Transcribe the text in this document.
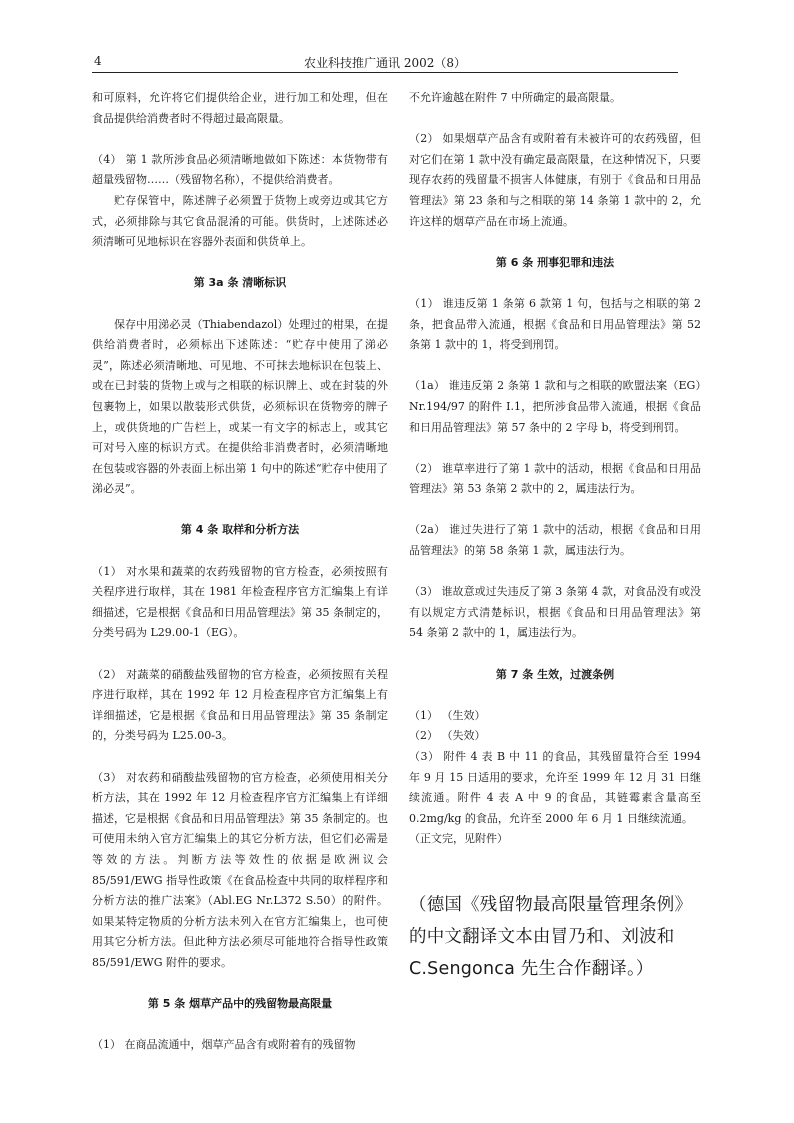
4	农业科技推广通讯 2002（8）

和可原料，允许将它们提供给企业，进行加工和处理，但在食品提供给消费者时不得超过最高限量。

（4） 第 1 款所涉食品必须清晰地做如下陈述：本货物带有超量残留物……（残留物名称），不提供给消费者。

贮存保管中，陈述牌子必须置于货物上或旁边或其它方式，必须排除与其它食品混淆的可能。供货时，上述陈述必须清晰可见地标识在容器外表面和供货单上。

第 3a 条 清晰标识

保存中用涕必灵（Thiabendazol）处理过的柑果，在提供给消费者时，必须标出下述陈述：“贮存中使用了涕必灵”，陈述必须清晰地、可见地、不可抹去地标识在包装上、或在已封装的货物上或与之相联的标识牌上、或在封装的外包裹物上，如果以散装形式供货，必须标识在货物旁的牌子上，或供货地的广告栏上，或某一有文字的标志上，或其它可对号入座的标识方式。在提供给非消费者时，必须清晰地在包装或容器的外表面上标出第 1 句中的陈述“贮存中使用了涕必灵”。

第 4 条 取样和分析方法

（1） 对水果和蔬菜的农药残留物的官方检查，必须按照有关程序进行取样，其在 1981 年检查程序官方汇编集上有详细描述，它是根据《食品和日用品管理法》第 35 条制定的，分类号码为 L29.00-1（EG）。

（2） 对蔬菜的硝酸盐残留物的官方检查，必须按照有关程序进行取样，其在 1992 年 12 月检查程序官方汇编集上有详细描述，它是根据《食品和日用品管理法》第 35 条制定的，分类号码为 L25.00-3。

（3） 对农药和硝酸盐残留物的官方检查，必须使用相关分析方法，其在 1992 年 12 月检查程序官方汇编集上有详细描述，它是根据《食品和日用品管理法》第 35 条制定的。也可使用未纳入官方汇编集上的其它分析方法，但它们必需是等效的方法。判断方法等效性的依据是欧洲议会 85/591/EWG 指导性政策《在食品检查中共同的取样程序和分析方法的推广法案》（Abl.EG Nr.L372 S.50）的附件。如果某特定物质的分析方法未列入在官方汇编集上，也可使用其它分析方法。但此种方法必须尽可能地符合指导性政策 85/591/EWG 附件的要求。

第 5 条 烟草产品中的残留物最高限量

（1） 在商品流通中，烟草产品含有或附着有的残留物

不允许逾越在附件 7 中所确定的最高限量。

（2） 如果烟草产品含有或附着有未被许可的农药残留，但对它们在第 1 款中没有确定最高限量，在这种情况下，只要现存农药的残留量不损害人体健康，有别于《食品和日用品管理法》第 23 条和与之相联的第 14 条第 1 款中的 2，允许这样的烟草产品在市场上流通。

第 6 条 刑事犯罪和违法

（1） 谁违反第 1 条第 6 款第 1 句，包括与之相联的第 2 条，把食品带入流通，根据《食品和日用品管理法》第 52 条第 1 款中的 1，将受到刑罚。

（1a） 谁违反第 2 条第 1 款和与之相联的欧盟法案（EG）Nr.194/97 的附件 I.1，把所涉食品带入流通，根据《食品和日用品管理法》第 57 条中的 2 字母 b，将受到刑罚。

（2） 谁草率进行了第 1 款中的活动，根据《食品和日用品管理法》第 53 条第 2 款中的 2，属违法行为。

（2a） 谁过失进行了第 1 款中的活动，根据《食品和日用品管理法》的第 58 条第 1 款，属违法行为。

（3） 谁故意或过失违反了第 3 条第 4 款，对食品没有或没有以规定方式清楚标识，根据《食品和日用品管理法》第 54 条第 2 款中的 1，属违法行为。

第 7 条 生效，过渡条例

（1） （生效）

（2） （失效）

（3） 附件 4 表 B 中 11 的食品，其残留量符合至 1994 年 9 月 15 日适用的要求，允许至 1999 年 12 月 31 日继续流通。附件 4 表 A 中 9 的食品，其链霉素含量高至 0.2mg/kg 的食品，允许至 2000 年 6 月 1 日继续流通。

（正文完，见附件）

（德国《残留物最高限量管理条例》的中文翻译文本由冒乃和、刘波和 C.Sengonca 先生合作翻译。）
